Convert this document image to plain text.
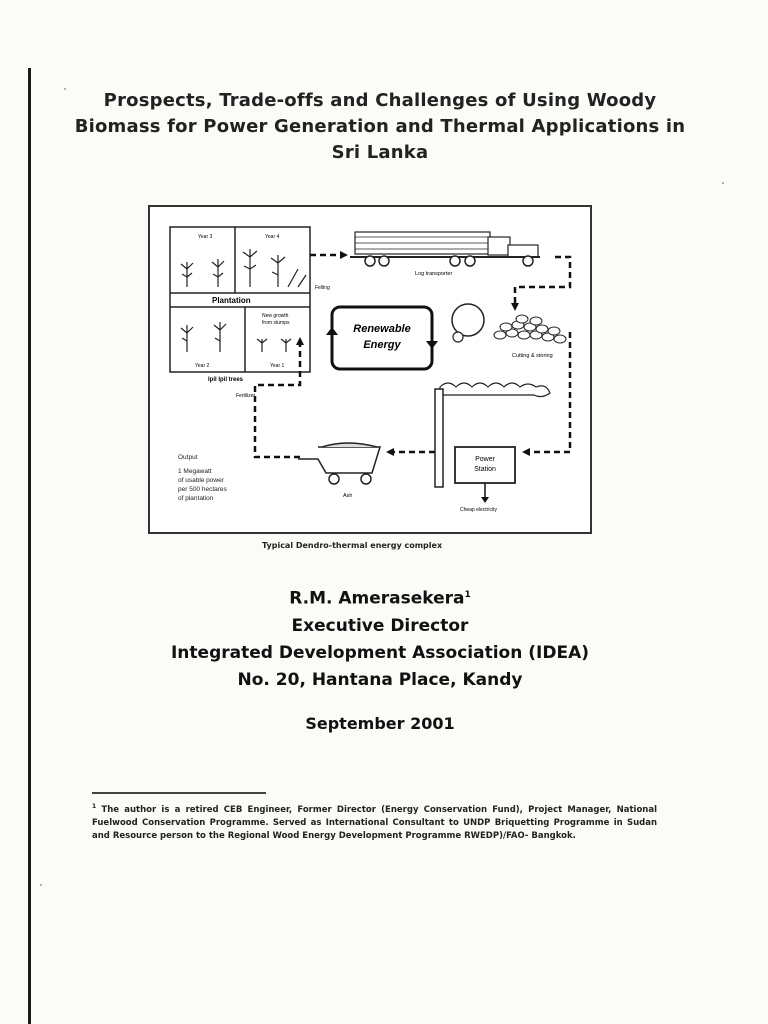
Prospects, Trade-offs and Challenges of Using Woody
Biomass for Power Generation and Thermal Applications in
Sri Lanka
Year 3	Year 4
Year 2	Year 1
Plantation
New growth
from stumps
Ipil Ipil trees
Felling
Log transporter
Renewable
Energy
Cutting & storing
Power
Station
Cheap electricity
Ash
Fertilizer
Output
1 Megawatt
of usable power
per 500 hectares
of plantation
Typical Dendro-thermal energy complex
R.M. Amerasekera$^1$
Executive Director
Integrated Development Association (IDEA)
No. 20, Hantana Place, Kandy
September 2001
$^1$ The author is a retired CEB Engineer, Former Director (Energy Conservation Fund), Project Manager, National Fuelwood Conservation Programme. Served as International Consultant to UNDP Briquetting Programme in Sudan and Resource person to the Regional Wood Energy Development Programme RWEDP)/FAO- Bangkok.
